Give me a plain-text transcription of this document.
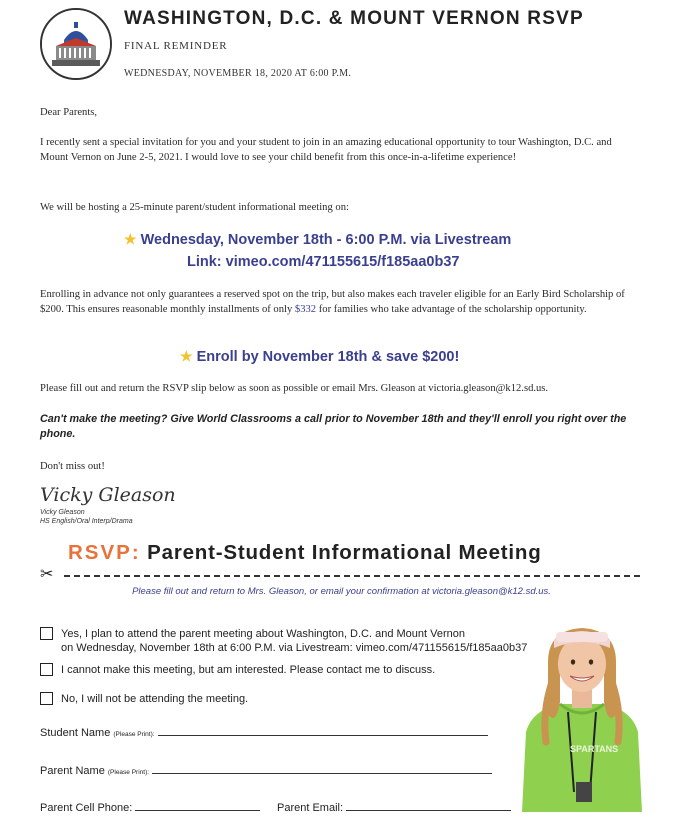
WASHINGTON, D.C. & MOUNT VERNON RSVP
FINAL REMINDER
WEDNESDAY, NOVEMBER 18, 2020 AT 6:00 P.M.
Dear Parents,
I recently sent a special invitation for you and your student to join in an amazing educational opportunity to tour Washington, D.C. and Mount Vernon on June 2-5, 2021. I would love to see your child benefit from this once-in-a-lifetime experience!
We will be hosting a 25-minute parent/student informational meeting on:
★ Wednesday, November 18th - 6:00 P.M. via Livestream
Link: vimeo.com/471155615/f185aa0b37
Enrolling in advance not only guarantees a reserved spot on the trip, but also makes each traveler eligible for an Early Bird Scholarship of $200. This ensures reasonable monthly installments of only $332 for families who take advantage of the scholarship opportunity.
★ Enroll by November 18th & save $200!
Please fill out and return the RSVP slip below as soon as possible or email Mrs. Gleason at victoria.gleason@k12.sd.us.
Can't make the meeting? Give World Classrooms a call prior to November 18th and they'll enroll you right over the phone.
Don't miss out!
Vicky Gleason
Vicky Gleason
HS English/Oral Interp/Drama
RSVP: Parent-Student Informational Meeting
✂
Please fill out and return to Mrs. Gleason, or email your confirmation at victoria.gleason@k12.sd.us.
Yes, I plan to attend the parent meeting about Washington, D.C. and Mount Vernon
on Wednesday, November 18th at 6:00 P.M. via Livestream: vimeo.com/471155615/f185aa0b37
I cannot make this meeting, but am interested. Please contact me to discuss.
No, I will not be attending the meeting.
Student Name (Please Print):
Parent Name (Please Print):
Parent Cell Phone:	Parent Email:
SPARTANS
